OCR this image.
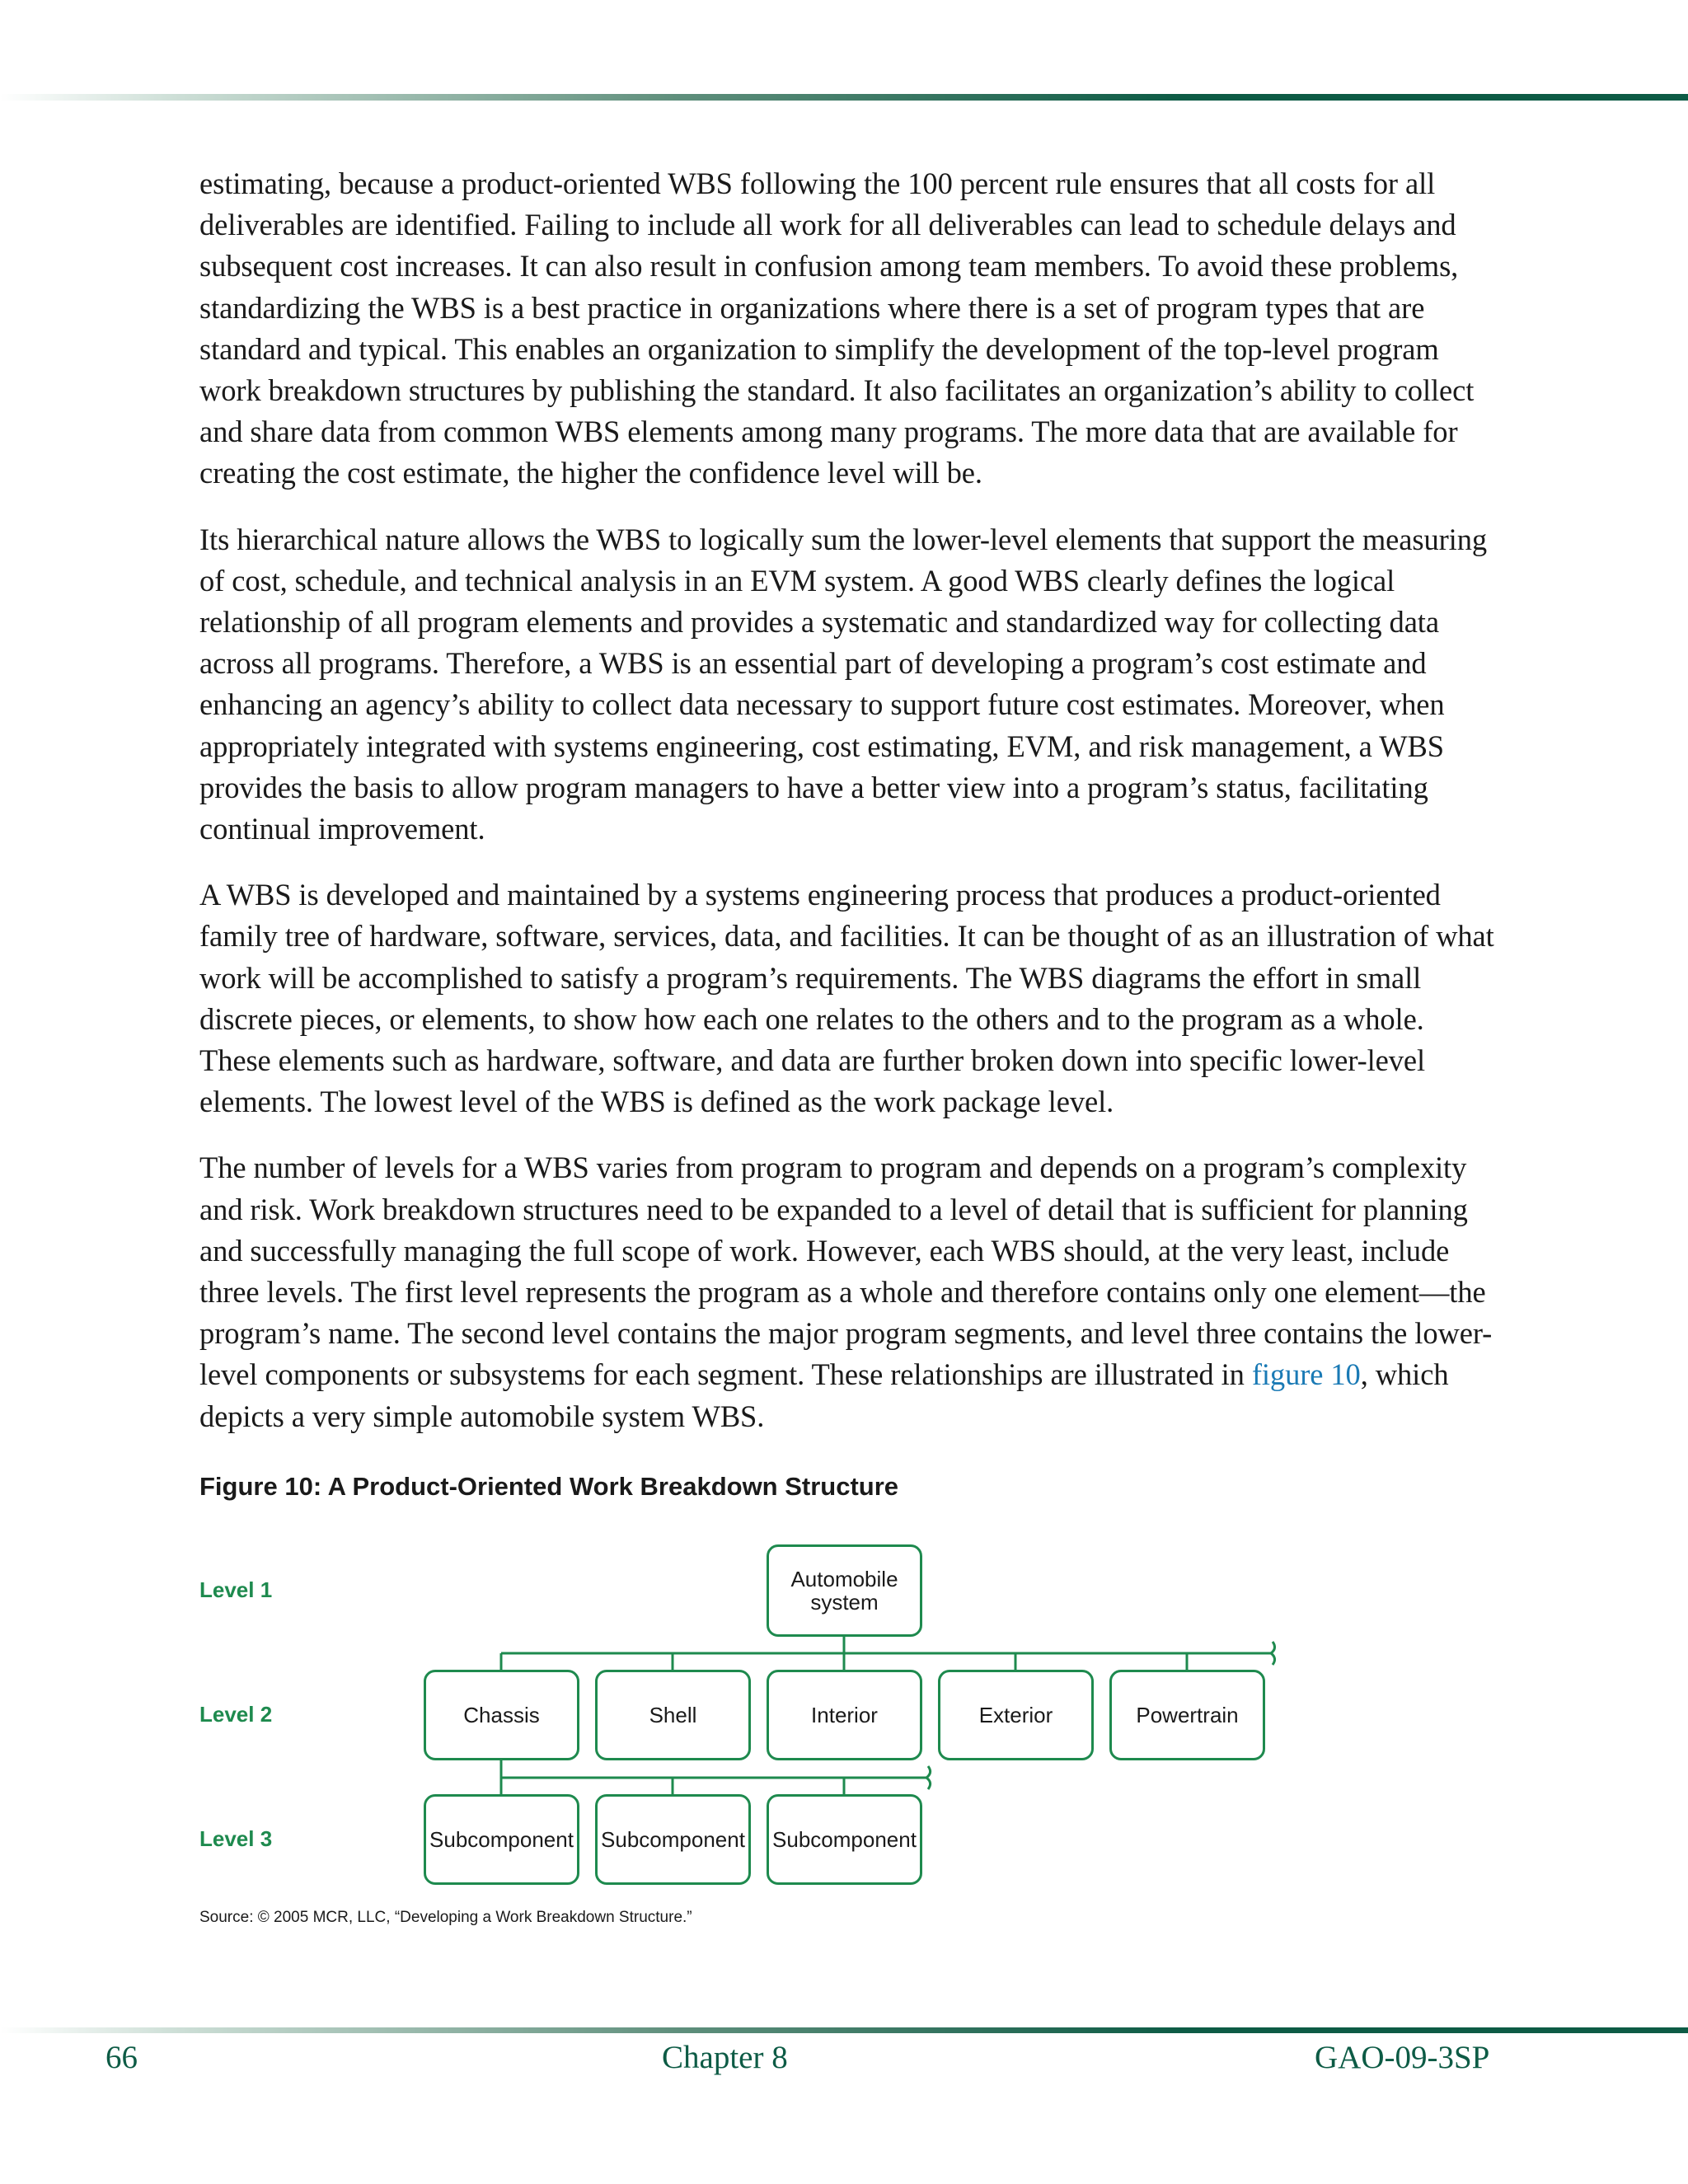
estimating, because a product-oriented WBS following the 100 percent rule ensures that all costs for all deliverables are identified. Failing to include all work for all deliverables can lead to schedule delays and subsequent cost increases. It can also result in confusion among team members. To avoid these problems, standardizing the WBS is a best practice in organizations where there is a set of program types that are standard and typical. This enables an organization to simplify the development of the top-level program work breakdown structures by publishing the standard. It also facilitates an organization’s ability to collect and share data from common WBS elements among many programs. The more data that are available for creating the cost estimate, the higher the confidence level will be.

Its hierarchical nature allows the WBS to logically sum the lower-level elements that support the measuring of cost, schedule, and technical analysis in an EVM system. A good WBS clearly defines the logical relationship of all program elements and provides a systematic and standardized way for collecting data across all programs. Therefore, a WBS is an essential part of developing a program’s cost estimate and enhancing an agency’s ability to collect data necessary to support future cost estimates. Moreover, when appropriately integrated with systems engineering, cost estimating, EVM, and risk management, a WBS provides the basis to allow program managers to have a better view into a program’s status, facilitating continual improvement.

A WBS is developed and maintained by a systems engineering process that produces a product-oriented family tree of hardware, software, services, data, and facilities. It can be thought of as an illustration of what work will be accomplished to satisfy a program’s requirements. The WBS diagrams the effort in small discrete pieces, or elements, to show how each one relates to the others and to the program as a whole. These elements such as hardware, software, and data are further broken down into specific lower-level elements. The lowest level of the WBS is defined as the work package level.

The number of levels for a WBS varies from program to program and depends on a program’s complexity and risk. Work breakdown structures need to be expanded to a level of detail that is sufficient for planning and successfully managing the full scope of work. However, each WBS should, at the very least, include three levels. The first level represents the program as a whole and therefore contains only one element—the program’s name. The second level contains the major program segments, and level three contains the lower-level components or subsystems for each segment. These relationships are illustrated in figure 10, which depicts a very simple automobile system WBS.

Figure 10: A Product-Oriented Work Breakdown Structure
Level 1
Level 2
Level 3
Automobile system
Chassis	Shell	Interior	Exterior	Powertrain
Subcomponent Subcomponent Subcomponent
Source: © 2005 MCR, LLC, “Developing a Work Breakdown Structure.”
66	Chapter 8	GAO-09-3SP
